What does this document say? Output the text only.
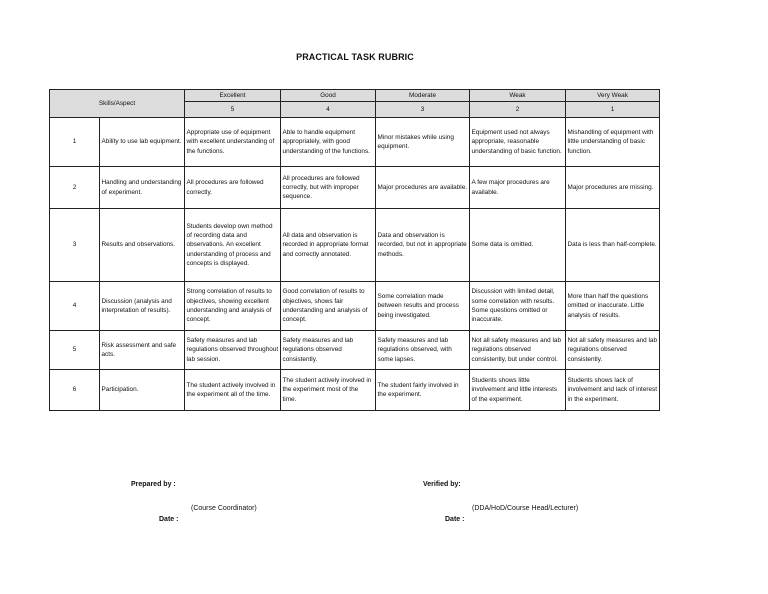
PRACTICAL TASK RUBRIC
Skills/Aspect		Excellent	Good	Moderate	Weak	Very Weak
		5	4	3	2	1
1	Ability to use lab equipment.	Appropriate use of equipment with excellent understanding of the functions.	Able to handle equipment appropriately, with good understanding of the functions.	Minor mistakes while using equipment.	Equipment used not always appropriate, reasonable understanding of basic function.	Mishandling of equipment with little understanding of basic function.
2	Handling and understanding of experiment.	All procedures are followed correctly.	All procedures are followed correctly, but with improper sequence.	Major procedures are available.	A few major procedures are available.	Major procedures are missing.
3	Results and observations.	Students develop own method of recording data and observations. An excellent understanding of process and concepts is displayed.	All data and observation is recorded in appropriate format and correctly annotated.	Data and observation is recorded, but not in appropriate methods.	Some data is omitted.	Data is less than half-complete.
4	Discussion (analysis and interpretation of results).	Strong correlation of results to objectives, showing excellent understanding and analysis of concept.	Good correlation of results to objectives, shows fair understanding and analysis of concept.	Some correlation made between results and process being investigated.	Discussion with limited detail, some correlation with results. Some questions omitted or inaccurate.	More than half the questions omitted or inaccurate. Little analysis of results.
5	Risk assessment and safe acts.	Safety measures and lab regulations observed throughout lab session.	Safety measures and lab regulations observed consistently.	Safety measures and lab regulations observed, with some lapses.	Not all safety measures and lab regulations observed consistently, but under control.	Not all safety measures and lab regulations observed consistently.
6	Participation.	The student actively involved in the experiment all of the time.	The student actively involved in the experiment most of the time.	The student fairly involved in the experiment.	Students shows little involvement and little interests of the experiment.	Students shows lack of involvement and lack of interest in the experiment.
Prepared by :	Verified by:
(Course Coordinator)	(DDA/HoD/Course Head/Lecturer)
Date :	Date :
